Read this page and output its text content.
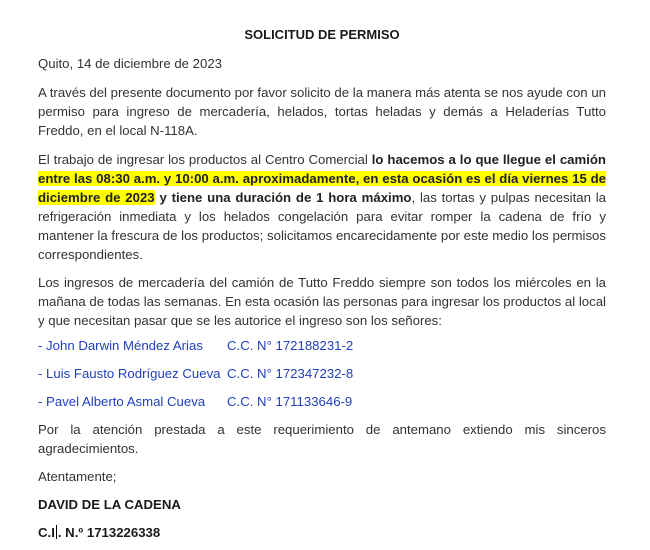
SOLICITUD DE PERMISO

Quito, 14 de diciembre de 2023

A través del presente documento por favor solicito de la manera más atenta se nos ayude con un permiso para ingreso de mercadería, helados, tortas heladas y demás a Heladerías Tutto Freddo, en el local N-118A.

El trabajo de ingresar los productos al Centro Comercial lo hacemos a lo que llegue el camión entre las 08:30 a.m. y 10:00 a.m. aproximadamente, en esta ocasión es el día viernes 15 de diciembre de 2023 y tiene una duración de 1 hora máximo, las tortas y pulpas necesitan la refrigeración inmediata y los helados congelación para evitar romper la cadena de frío y mantener la frescura de los productos; solicitamos encarecidamente por este medio los permisos correspondientes.

Los ingresos de mercadería del camión de Tutto Freddo siempre son todos los miércoles en la mañana de todas las semanas. En esta ocasión las personas para ingresar los productos al local y que necesitan pasar que se les autorice el ingreso son los señores:

- John Darwin Méndez Arias C.C. N° 172188231-2
- Luis Fausto Rodríguez Cueva C.C. N° 172347232-8
- Pavel Alberto Asmal Cueva C.C. N° 171133646-9

Por la atención prestada a este requerimiento de antemano extiendo mis sinceros agradecimientos.

Atentamente;

DAVID DE LA CADENA

C.I . N.º 1713226338
